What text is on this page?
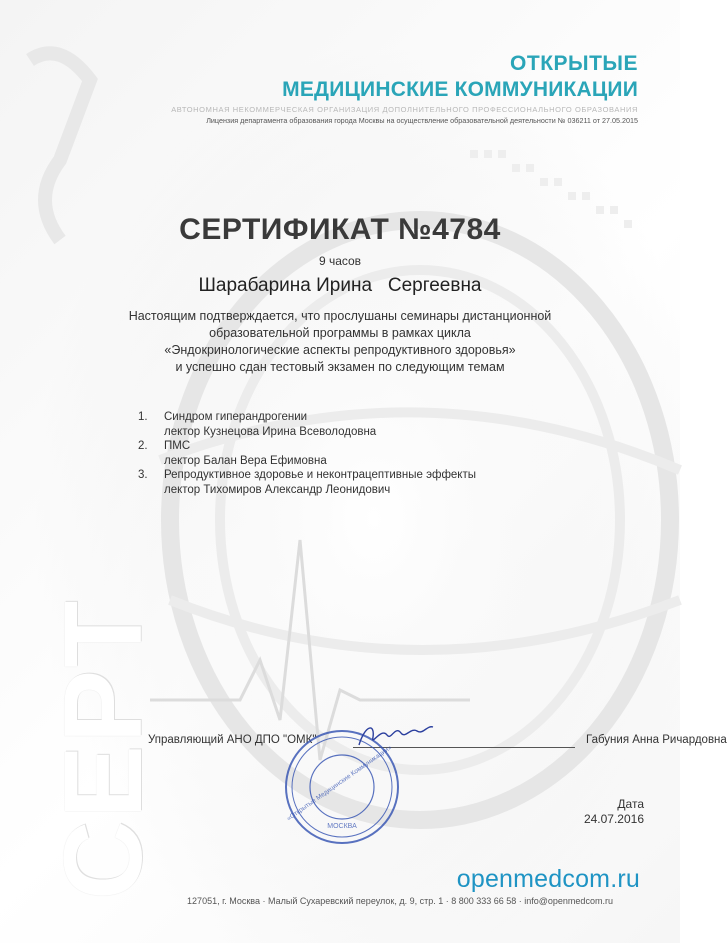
CEPT
ОТКРЫТЫЕ
МЕДИЦИНСКИЕ КОММУНИКАЦИИ
АВТОНОМНАЯ НЕКОММЕРЧЕСКАЯ ОРГАНИЗАЦИЯ ДОПОЛНИТЕЛЬНОГО ПРОФЕССИОНАЛЬНОГО ОБРАЗОВАНИЯ
Лицензия департамента образования города Москвы на осуществление образовательной деятельности № 036211 от 27.05.2015
СЕРТИФИКАТ №4784
9 часов
Шарабарина Ирина   Сергеевна
Настоящим подтверждается, что прослушаны семинары дистанционной
образовательной программы в рамках цикла
«Эндокринологические аспекты репродуктивного здоровья»
и успешно сдан тестовый экзамен по следующим темам
1.	Синдром гиперандрогении
лектор Кузнецова Ирина Всеволодовна
2.	ПМС
лектор Балан Вера Ефимовна
3.	Репродуктивное здоровье и неконтрацептивные эффекты
лектор Тихомиров Александр Леонидович
Управляющий АНО ДПО "ОМК"	Габуния Анна Ричардовна
МОСКВА
«Открытые Медицинские Коммуникации»	Дата
24.07.2016
openmedcom.ru
127051, г. Москва · Малый Сухаревский переулок, д. 9, стр. 1 · 8 800 333 66 58 · info@openmedcom.ru
